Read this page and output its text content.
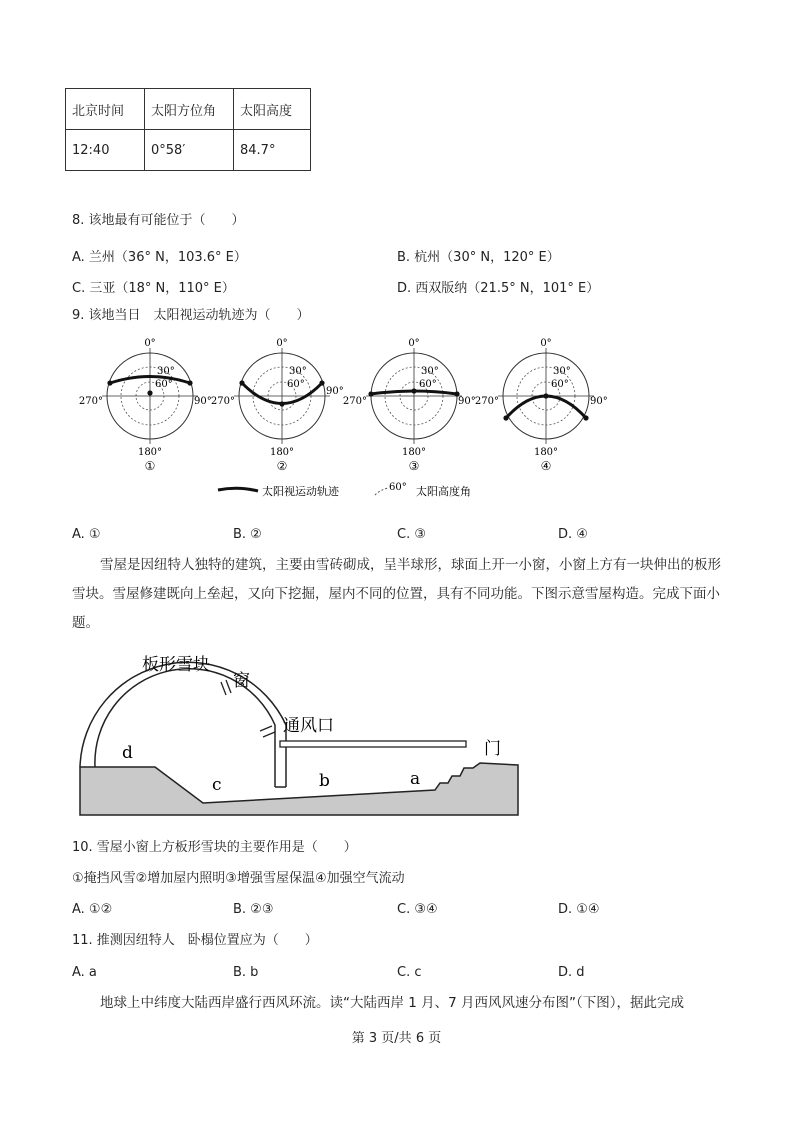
北京时间	太阳方位角	太阳高度
12:40	0°58′	84.7°
8. 该地最有可能位于（　　）
A. 兰州（36° N，103.6° E）	B. 杭州（30° N，120° E）
C. 三亚（18° N，110° E）	D. 西双版纳（21.5° N，101° E）
9. 该地当日　太阳视运动轨迹为（　　）
0°
30°
60°
270°	90°
180°
①
0°
30°
60°
270°
90°
180°
②
0°
30°
60°
270°	90°
180°
③
0°
30°
60°
270°	90°
180°
④
太阳视运动轨迹	60° 太阳高度角
A. ①	B. ②	C. ③	D. ④
雪屋是因纽特人独特的建筑，主要由雪砖砌成，呈半球形，球面上开一小窗，小窗上方有一块伸出的板形雪块。雪屋修建既向上垒起，又向下挖掘，屋内不同的位置，具有不同功能。下图示意雪屋构造。完成下面小题。
板形雪块
窗
通风口
门
d
c	b	a
10. 雪屋小窗上方板形雪块的主要作用是（　　）
①掩挡风雪②增加屋内照明③增强雪屋保温④加强空气流动
A. ①②	B. ②③	C. ③④	D. ①④
11. 推测因纽特人　卧榻位置应为（　　）
A. a	B. b	C. c	D. d
地球上中纬度大陆西岸盛行西风环流。读“大陆西岸 1 月、7 月西风风速分布图”（下图），据此完成
第 3 页/共 6 页
